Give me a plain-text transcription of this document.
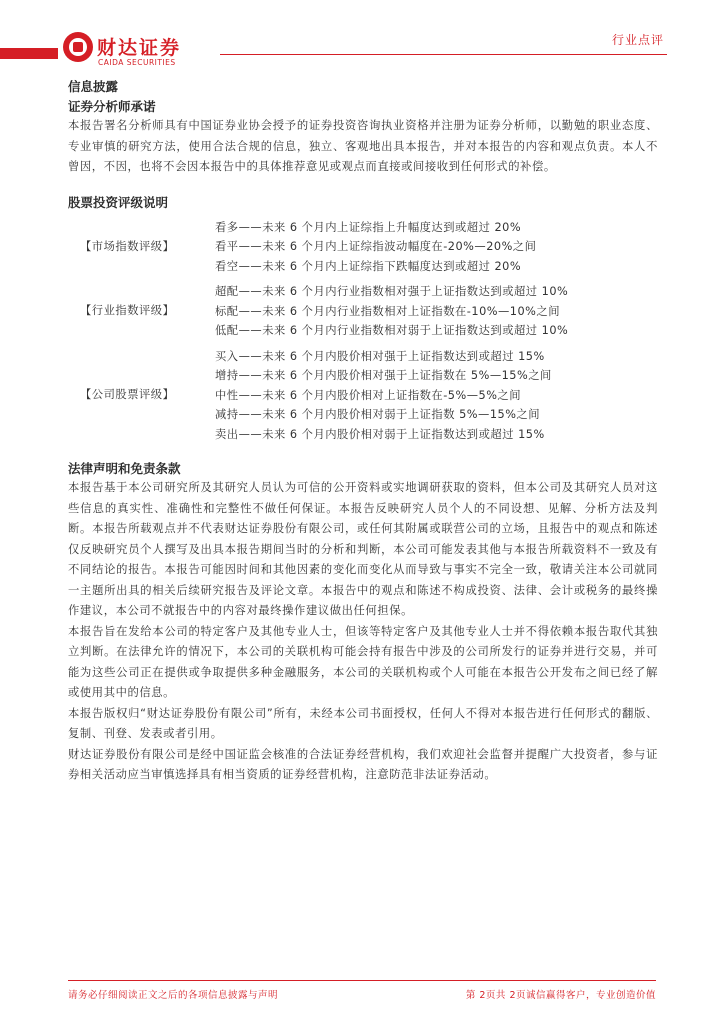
财达证券
CAIDA SECURITIES
行业点评
信息披露
证券分析师承诺

本报告署名分析师具有中国证券业协会授予的证券投资咨询执业资格并注册为证券分析师，以勤勉的职业态度、专业审慎的研究方法，使用合法合规的信息，独立、客观地出具本报告，并对本报告的内容和观点负责。本人不曾因，不因，也将不会因本报告中的具体推荐意见或观点而直接或间接收到任何形式的补偿。

股票投资评级说明
【市场指数评级】
看多——未来 6 个月内上证综指上升幅度达到或超过 20%
看平——未来 6 个月内上证综指波动幅度在-20%—20%之间
看空——未来 6 个月内上证综指下跌幅度达到或超过 20%
【行业指数评级】
超配——未来 6 个月内行业指数相对强于上证指数达到或超过 10%
标配——未来 6 个月内行业指数相对上证指数在-10%—10%之间
低配——未来 6 个月内行业指数相对弱于上证指数达到或超过 10%
【公司股票评级】
买入——未来 6 个月内股价相对强于上证指数达到或超过 15%
增持——未来 6 个月内股价相对强于上证指数在 5%—15%之间
中性——未来 6 个月内股价相对上证指数在-5%—5%之间
减持——未来 6 个月内股价相对弱于上证指数 5%—15%之间
卖出——未来 6 个月内股价相对弱于上证指数达到或超过 15%
法律声明和免责条款

本报告基于本公司研究所及其研究人员认为可信的公开资料或实地调研获取的资料，但本公司及其研究人员对这些信息的真实性、准确性和完整性不做任何保证。本报告反映研究人员个人的不同设想、见解、分析方法及判断。本报告所载观点并不代表财达证券股份有限公司，或任何其附属或联营公司的立场，且报告中的观点和陈述仅反映研究员个人撰写及出具本报告期间当时的分析和判断，本公司可能发表其他与本报告所载资料不一致及有不同结论的报告。本报告可能因时间和其他因素的变化而变化从而导致与事实不完全一致，敬请关注本公司就同一主题所出具的相关后续研究报告及评论文章。本报告中的观点和陈述不构成投资、法律、会计或税务的最终操作建议，本公司不就报告中的内容对最终操作建议做出任何担保。

本报告旨在发给本公司的特定客户及其他专业人士，但该等特定客户及其他专业人士并不得依赖本报告取代其独立判断。在法律允许的情况下，本公司的关联机构可能会持有报告中涉及的公司所发行的证券并进行交易，并可能为这些公司正在提供或争取提供多种金融服务，本公司的关联机构或个人可能在本报告公开发布之间已经了解或使用其中的信息。

本报告版权归“财达证券股份有限公司”所有，未经本公司书面授权，任何人不得对本报告进行任何形式的翻版、复制、刊登、发表或者引用。

财达证券股份有限公司是经中国证监会核准的合法证券经营机构，我们欢迎社会监督并提醒广大投资者，参与证券相关活动应当审慎选择具有相当资质的证券经营机构，注意防范非法证券活动。

请务必仔细阅读正文之后的各项信息披露与声明	第 2页共 2页诚信赢得客户，专业创造价值
